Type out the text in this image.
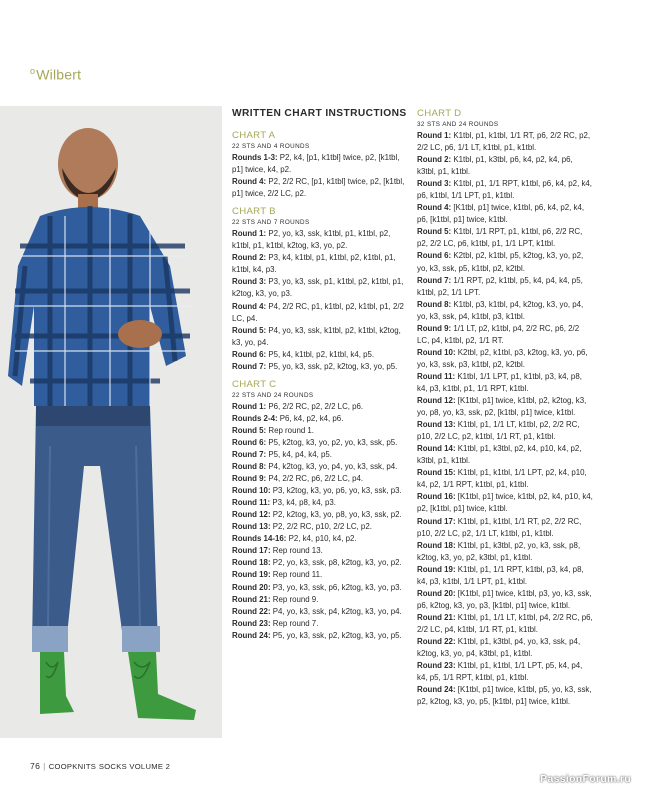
$^o$Wilbert
WRITTEN CHART INSTRUCTIONS
CHART A
22 STS AND 4 ROUNDS
Rounds 1-3: P2, k4, [p1, k1tbl] twice, p2, [k1tbl, p1] twice, k4, p2.
Round 4: P2, 2/2 RC, [p1, k1tbl] twice, p2, [k1tbl, p1] twice, 2/2 LC, p2.
CHART B
22 STS AND 7 ROUNDS
Round 1: P2, yo, k3, ssk, k1tbl, p1, k1tbl, p2, k1tbl, p1, k1tbl, k2tog, k3, yo, p2.
Round 2: P3, k4, k1tbl, p1, k1tbl, p2, k1tbl, p1, k1tbl, k4, p3.
Round 3: P3, yo, k3, ssk, p1, k1tbl, p2, k1tbl, p1, k2tog, k3, yo, p3.
Round 4: P4, 2/2 RC, p1, k1tbl, p2, k1tbl, p1, 2/2 LC, p4.
Round 5: P4, yo, k3, ssk, k1tbl, p2, k1tbl, k2tog, k3, yo, p4.
Round 6: P5, k4, k1tbl, p2, k1tbl, k4, p5.
Round 7: P5, yo, k3, ssk, p2, k2tog, k3, yo, p5.
CHART C
22 STS AND 24 ROUNDS
Round 1: P6, 2/2 RC, p2, 2/2 LC, p6.
Rounds 2-4: P6, k4, p2, k4, p6.
Round 5: Rep round 1.
Round 6: P5, k2tog, k3, yo, p2, yo, k3, ssk, p5.
Round 7: P5, k4, p4, k4, p5.
Round 8: P4, k2tog, k3, yo, p4, yo, k3, ssk, p4.
Round 9: P4, 2/2 RC, p6, 2/2 LC, p4.
Round 10: P3, k2tog, k3, yo, p6, yo, k3, ssk, p3.
Round 11: P3, k4, p8, k4, p3.
Round 12: P2, k2tog, k3, yo, p8, yo, k3, ssk, p2.
Round 13: P2, 2/2 RC, p10, 2/2 LC, p2.
Rounds 14-16: P2, k4, p10, k4, p2.
Round 17: Rep round 13.
Round 18: P2, yo, k3, ssk, p8, k2tog, k3, yo, p2.
Round 19: Rep round 11.
Round 20: P3, yo, k3, ssk, p6, k2tog, k3, yo, p3.
Round 21: Rep round 9.
Round 22: P4, yo, k3, ssk, p4, k2tog, k3, yo, p4.
Round 23: Rep round 7.
Round 24: P5, yo, k3, ssk, p2, k2tog, k3, yo, p5.
CHART D
32 STS AND 24 ROUNDS
Round 1: K1tbl, p1, k1tbl, 1/1 RT, p6, 2/2 RC, p2, 2/2 LC, p6, 1/1 LT, k1tbl, p1, k1tbl.
Round 2: K1tbl, p1, k3tbl, p6, k4, p2, k4, p6, k3tbl, p1, k1tbl.
Round 3: K1tbl, p1, 1/1 RPT, k1tbl, p6, k4, p2, k4, p6, k1tbl, 1/1 LPT, p1, k1tbl.
Round 4: [K1tbl, p1] twice, k1tbl, p6, k4, p2, k4, p6, [k1tbl, p1] twice, k1tbl.
Round 5: K1tbl, 1/1 RPT, p1, k1tbl, p6, 2/2 RC, p2, 2/2 LC, p6, k1tbl, p1, 1/1 LPT, k1tbl.
Round 6: K2tbl, p2, k1tbl, p5, k2tog, k3, yo, p2, yo, k3, ssk, p5, k1tbl, p2, k2tbl.
Round 7: 1/1 RPT, p2, k1tbl, p5, k4, p4, k4, p5, k1tbl, p2, 1/1 LPT.
Round 8: K1tbl, p3, k1tbl, p4, k2tog, k3, yo, p4, yo, k3, ssk, p4, k1tbl, p3, k1tbl.
Round 9: 1/1 LT, p2, k1tbl, p4, 2/2 RC, p6, 2/2 LC, p4, k1tbl, p2, 1/1 RT.
Round 10: K2tbl, p2, k1tbl, p3, k2tog, k3, yo, p6, yo, k3, ssk, p3, k1tbl, p2, k2tbl.
Round 11: K1tbl, 1/1 LPT, p1, k1tbl, p3, k4, p8, k4, p3, k1tbl, p1, 1/1 RPT, k1tbl.
Round 12: [K1tbl, p1] twice, k1tbl, p2, k2tog, k3, yo, p8, yo, k3, ssk, p2, [k1tbl, p1] twice, k1tbl.
Round 13: K1tbl, p1, 1/1 LT, k1tbl, p2, 2/2 RC, p10, 2/2 LC, p2, k1tbl, 1/1 RT, p1, k1tbl.
Round 14: K1tbl, p1, k3tbl, p2, k4, p10, k4, p2, k3tbl, p1, k1tbl.
Round 15: K1tbl, p1, k1tbl, 1/1 LPT, p2, k4, p10, k4, p2, 1/1 RPT, k1tbl, p1, k1tbl.
Round 16: [K1tbl, p1] twice, k1tbl, p2, k4, p10, k4, p2, [k1tbl, p1] twice, k1tbl.
Round 17: K1tbl, p1, k1tbl, 1/1 RT, p2, 2/2 RC, p10, 2/2 LC, p2, 1/1 LT, k1tbl, p1, k1tbl.
Round 18: K1tbl, p1, k3tbl, p2, yo, k3, ssk, p8, k2tog, k3, yo, p2, k3tbl, p1, k1tbl.
Round 19: K1tbl, p1, 1/1 RPT, k1tbl, p3, k4, p8, k4, p3, k1tbl, 1/1 LPT, p1, k1tbl.
Round 20: [K1tbl, p1] twice, k1tbl, p3, yo, k3, ssk, p6, k2tog, k3, yo, p3, [k1tbl, p1] twice, k1tbl.
Round 21: K1tbl, p1, 1/1 LT, k1tbl, p4, 2/2 RC, p6, 2/2 LC, p4, k1tbl, 1/1 RT, p1, k1tbl.
Round 22: K1tbl, p1, k3tbl, p4, yo, k3, ssk, p4, k2tog, k3, yo, p4, k3tbl, p1, k1tbl.
Round 23: K1tbl, p1, k1tbl, 1/1 LPT, p5, k4, p4, k4, p5, 1/1 RPT, k1tbl, p1, k1tbl.
Round 24: [K1tbl, p1] twice, k1tbl, p5, yo, k3, ssk, p2, k2tog, k3, yo, p5, [k1tbl, p1] twice, k1tbl.
76 | COOPKNITS SOCKS VOLUME 2
PassionForum.ru
